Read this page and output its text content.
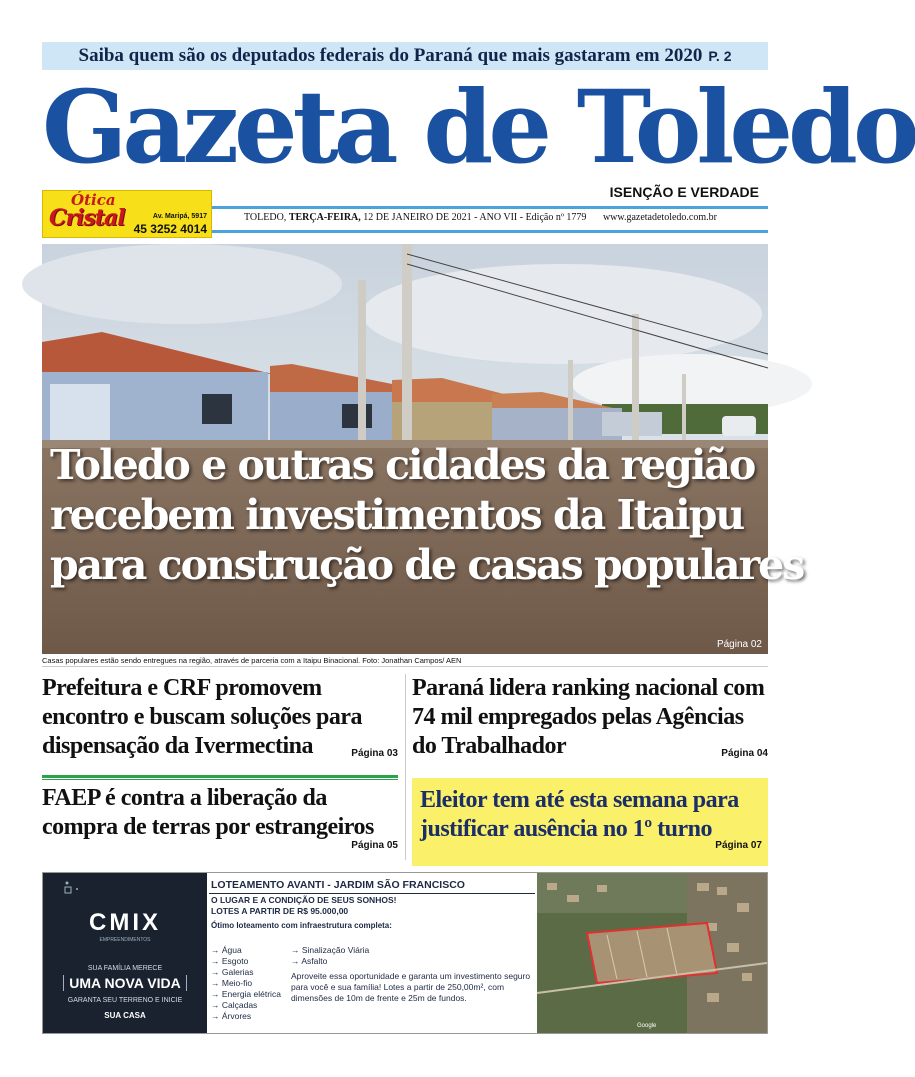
Saiba quem são os deputados federais do Paraná que mais gastaram em 2020 P. 2
Gazeta de Toledo
ISENÇÃO E VERDADE
Ótica
Cristal	Av. Maripá, 5917
45 3252 4014
TOLEDO, TERÇA-FEIRA, 12 DE JANEIRO DE 2021 - ANO VII - Edição nº 1779 www.gazetadetoledo.com.br
Toledo e outras cidades da região
recebem investimentos da Itaipu
para construção de casas populares
Página 02
Casas populares estão sendo entregues na região, através de parceria com a Itaipu Binacional. Foto: Jonathan Campos/ AEN
Prefeitura e CRF promovem
encontro e buscam soluções para
dispensação da Ivermectina	Página 03
Paraná lidera ranking nacional com
74 mil empregados pelas Agências
do Trabalhador	Página 04
FAEP é contra a liberação da
compra de terras por estrangeiros
Página 05
Eleitor tem até esta semana para
justificar ausência no 1º turno
Página 07
CMIX
EMPREENDIMENTOS
SUA FAMÍLIA MERECE
UMA NOVA VIDA
GARANTA SEU TERRENO E INICIE
SUA CASA
LOTEAMENTO AVANTI - JARDIM SÃO FRANCISCO
O LUGAR E A CONDIÇÃO DE SEUS SONHOS!
LOTES A PARTIR DE R$ 95.000,00
Ótimo loteamento com infraestrutura completa:
→ Água
→ Esgoto
→ Galerias
→ Meio-fio
→ Energia elétrica
→ Calçadas
→ Árvores
→ Sinalização Viária
→ Asfalto
Aproveite essa oportunidade e garanta um investimento seguro para você e sua família! Lotes a partir de 250,00m², com dimensões de 10m de frente e 25m de fundos.
Google
